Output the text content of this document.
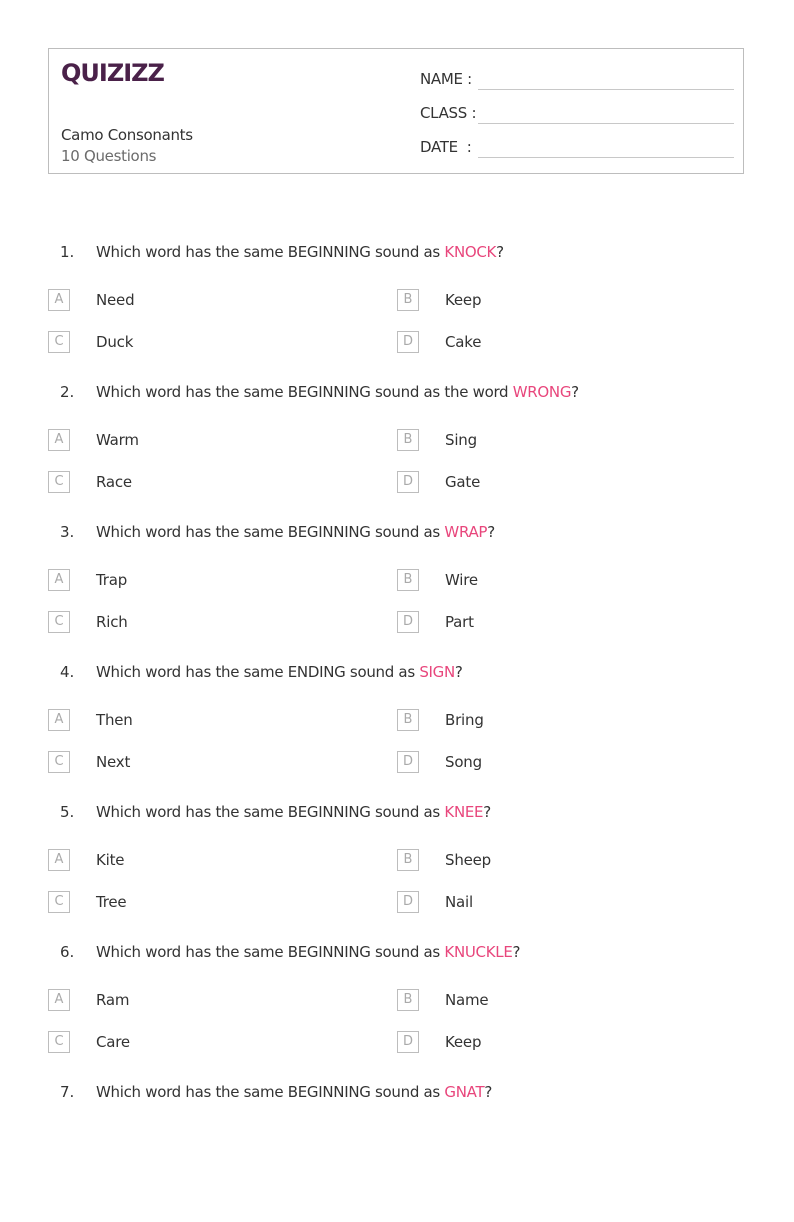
QUIZIZZ
Camo Consonants
10 Questions
NAME :
CLASS :
DATE  :
1. Which word has the same BEGINNING sound as KNOCK?
A	Need	B	Keep
C	Duck	D	Cake
2. Which word has the same BEGINNING sound as the word WRONG?
A	Warm	B	Sing
C	Race	D	Gate
3. Which word has the same BEGINNING sound as WRAP?
A	Trap	B	Wire
C	Rich	D	Part
4. Which word has the same ENDING sound as SIGN?
A	Then	B	Bring
C	Next	D	Song
5. Which word has the same BEGINNING sound as KNEE?
A	Kite	B	Sheep
C	Tree	D	Nail
6. Which word has the same BEGINNING sound as KNUCKLE?
A	Ram	B	Name
C	Care	D	Keep
7. Which word has the same BEGINNING sound as GNAT?
